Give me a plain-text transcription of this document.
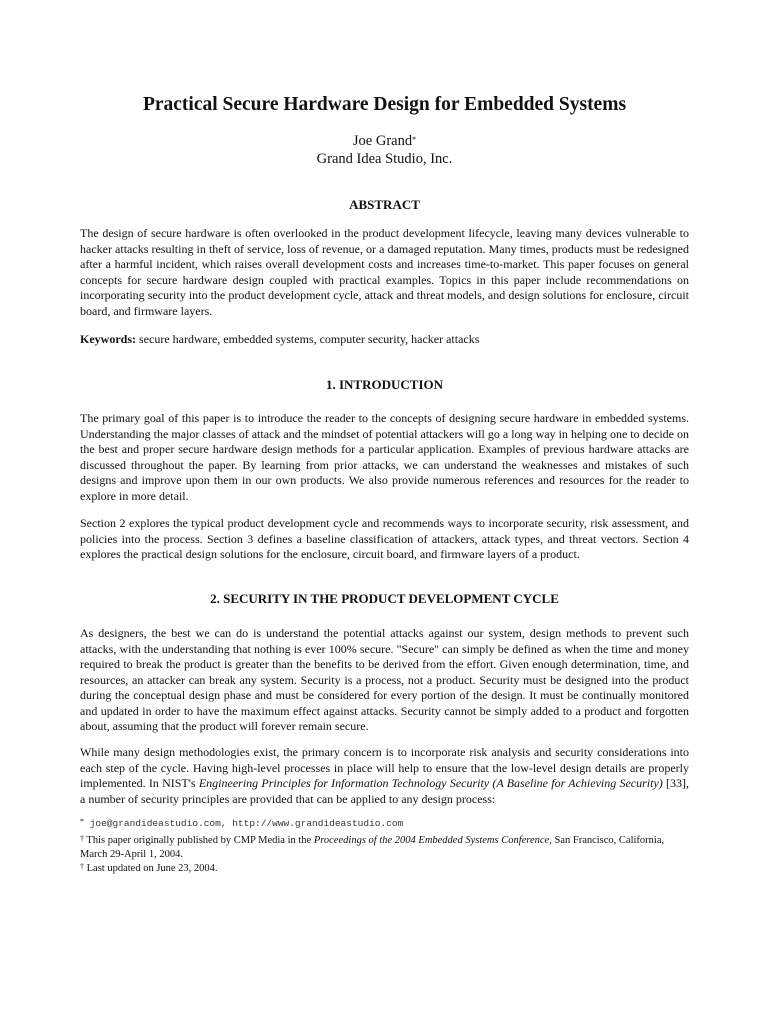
Practical Secure Hardware Design for Embedded Systems
Joe Grand*
Grand Idea Studio, Inc.
ABSTRACT

The design of secure hardware is often overlooked in the product development lifecycle, leaving many devices vulnerable to hacker attacks resulting in theft of service, loss of revenue, or a damaged reputation. Many times, products must be redesigned after a harmful incident, which raises overall development costs and increases time-to-market. This paper focuses on general concepts for secure hardware design coupled with practical examples. Topics in this paper include recommendations on incorporating security into the product development cycle, attack and threat models, and design solutions for enclosure, circuit board, and firmware layers.

Keywords: secure hardware, embedded systems, computer security, hacker attacks

1. INTRODUCTION

The primary goal of this paper is to introduce the reader to the concepts of designing secure hardware in embedded systems. Understanding the major classes of attack and the mindset of potential attackers will go a long way in helping one to decide on the best and proper secure hardware design methods for a particular application. Examples of previous hardware attacks are discussed throughout the paper. By learning from prior attacks, we can understand the weaknesses and mistakes of such designs and improve upon them in our own products. We also provide numerous references and resources for the reader to explore in more detail.

Section 2 explores the typical product development cycle and recommends ways to incorporate security, risk assessment, and policies into the process. Section 3 defines a baseline classification of attackers, attack types, and threat vectors. Section 4 explores the practical design solutions for the enclosure, circuit board, and firmware layers of a product.

2. SECURITY IN THE PRODUCT DEVELOPMENT CYCLE

As designers, the best we can do is understand the potential attacks against our system, design methods to prevent such attacks, with the understanding that nothing is ever 100% secure. "Secure" can simply be defined as when the time and money required to break the product is greater than the benefits to be derived from the effort. Given enough determination, time, and resources, an attacker can break any system. Security is a process, not a product. Security must be designed into the product during the conceptual design phase and must be considered for every portion of the design. It must be continually monitored and updated in order to have the maximum effect against attacks. Security cannot be simply added to a product and forgotten about, assuming that the product will forever remain secure.

While many design methodologies exist, the primary concern is to incorporate risk analysis and security considerations into each step of the cycle. Having high-level processes in place will help to ensure that the low-level design details are properly implemented. In NIST's Engineering Principles for Information Technology Security (A Baseline for Achieving Security) [33], a number of security principles are provided that can be applied to any design process:

* joe@grandideastudio.com, http://www.grandideastudio.com

† This paper originally published by CMP Media in the Proceedings of the 2004 Embedded Systems Conference, San Francisco, California, March 29-April 1, 2004.

† Last updated on June 23, 2004.
